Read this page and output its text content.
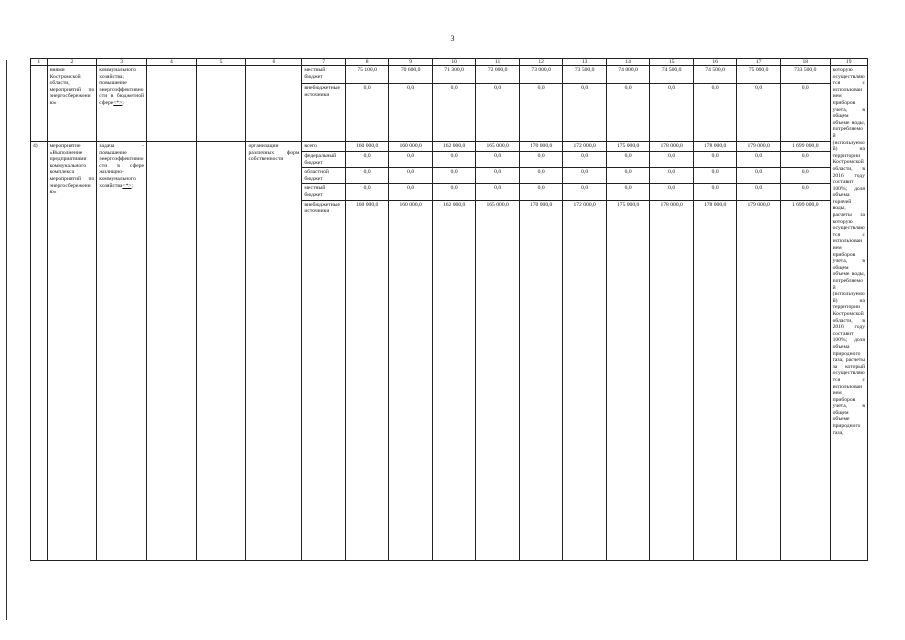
3
1	2	3	4	5	6	7	8	9	10	11	12	13	14	15	16	17	18	19
	ниями Костромской области, мероприятий по энергосбережению»	коммунального хозяйства; повышение энергоэффективности в бюджетной сфере<*>;				местный бюджет	75 100,0	70 600,0	71 300,0	72 000,0	73 000,0	73 500,0	74 000,0	74 500,0	74 500,0	75 000,0	733 500,0	которую осуществляются с использованием приборов учета, в общем объеме воды, потребляемой (используемой) на территории Костромской области, в 2016 году составит 100%; доля объема горячей воды, расчеты за которую осуществляются с использованием приборов учета, в общем объеме воды, потребляемой (используемой) на территории Костромской области, в 2016 году составит 100%; доля объема природного газа, расчеты за который осуществляются с использованием приборов учета, в общем объеме природного газа,
						внебюджетные источники	0,0	0,0	0,0	0,0	0,0	0,0	0,0	0,0	0,0	0,0	0,0	
4)	мероприятие «Выполнение предприятиями коммунального комплекса мероприятий по энергосбережению»	задача - повышение энергоэффективности в сфере жилищно-коммунального хозяйства<*>;			организации различных форм собственности	всего	160 000,0	160 000,0	162 000,0	165 000,0	170 000,0	172 000,0	175 000,0	178 000,0	178 000,0	179 000,0	1 699 000,0	
						федеральный бюджет	0,0	0,0	0,0	0,0	0,0	0,0	0,0	0,0	0,0	0,0	0,0	
						областной бюджет	0,0	0,0	0,0	0,0	0,0	0,0	0,0	0,0	0,0	0,0	0,0	
						местный бюджет	0,0	0,0	0,0	0,0	0,0	0,0	0,0	0,0	0,0	0,0	0,0	
						внебюджетные источники	160 000,0	160 000,0	162 000,0	165 000,0	170 000,0	172 000,0	175 000,0	178 000,0	178 000,0	179 000,0	1 699 000,0	
